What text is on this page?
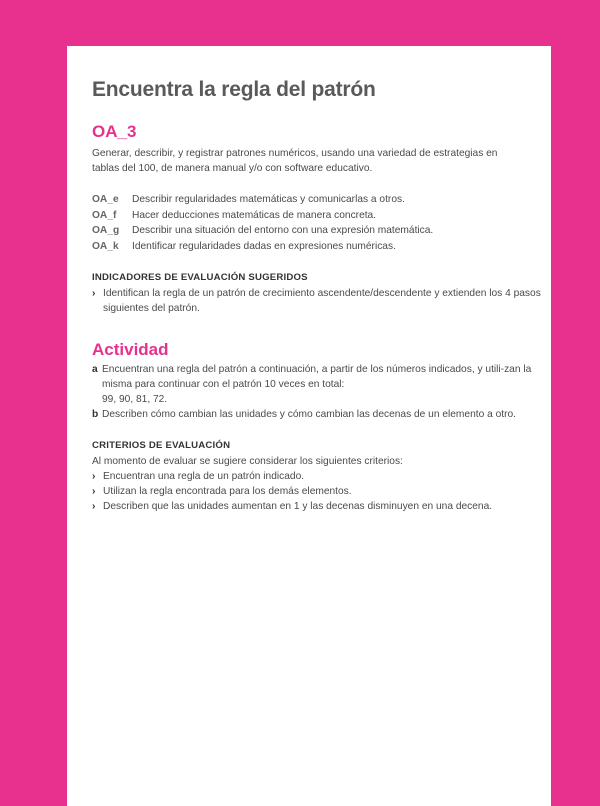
Encuentra la regla del patrón
OA_3

Generar, describir, y registrar patrones numéricos, usando una variedad de estrategias en tablas del 100, de manera manual y/o con software educativo.

OA_e	Describir regularidades matemáticas y comunicarlas a otros.
OA_f	Hacer deducciones matemáticas de manera concreta.
OA_g	Describir una situación del entorno con una expresión matemática.
OA_k	Identificar regularidades dadas en expresiones numéricas.
INDICADORES DE EVALUACIÓN SUGERIDOS
› Identifican la regla de un patrón de crecimiento ascendente/descendente y extienden los 4 pasos siguientes del patrón.
Actividad
a Encuentran una regla del patrón a continuación, a partir de los números indicados, y utili-zan la misma para continuar con el patrón 10 veces en total:
99, 90, 81, 72.
b Describen cómo cambian las unidades y cómo cambian las decenas de un elemento a otro.
CRITERIOS DE EVALUACIÓN
Al momento de evaluar se sugiere considerar los siguientes criterios:
› Encuentran una regla de un patrón indicado.
› Utilizan la regla encontrada para los demás elementos.
› Describen que las unidades aumentan en 1 y las decenas disminuyen en una decena.
